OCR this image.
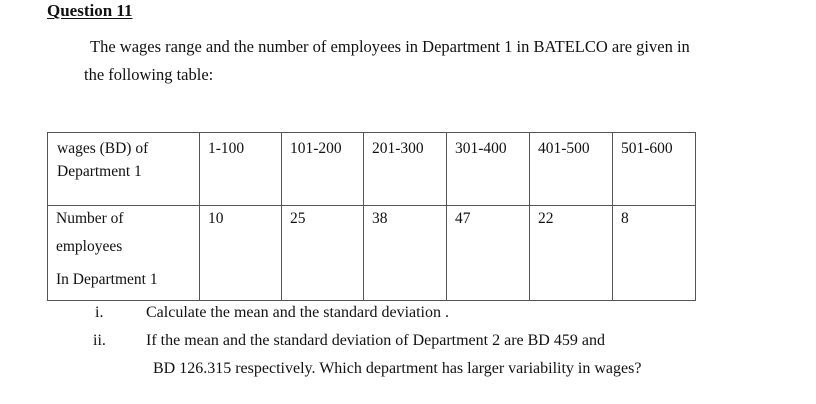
Question 11
The wages range and the number of employees in Department 1 in BATELCO are given in
the following table:
wages (BD) of
Department 1	1-100	101-200	201-300	301-400	401-500	501-600

Number of
employees
In Department 1	10	25	38	47	22	8
i.	Calculate the mean and the standard deviation .
ii.	If the mean and the standard deviation of Department 2 are BD 459 and
BD 126.315 respectively. Which department has larger variability in wages?
